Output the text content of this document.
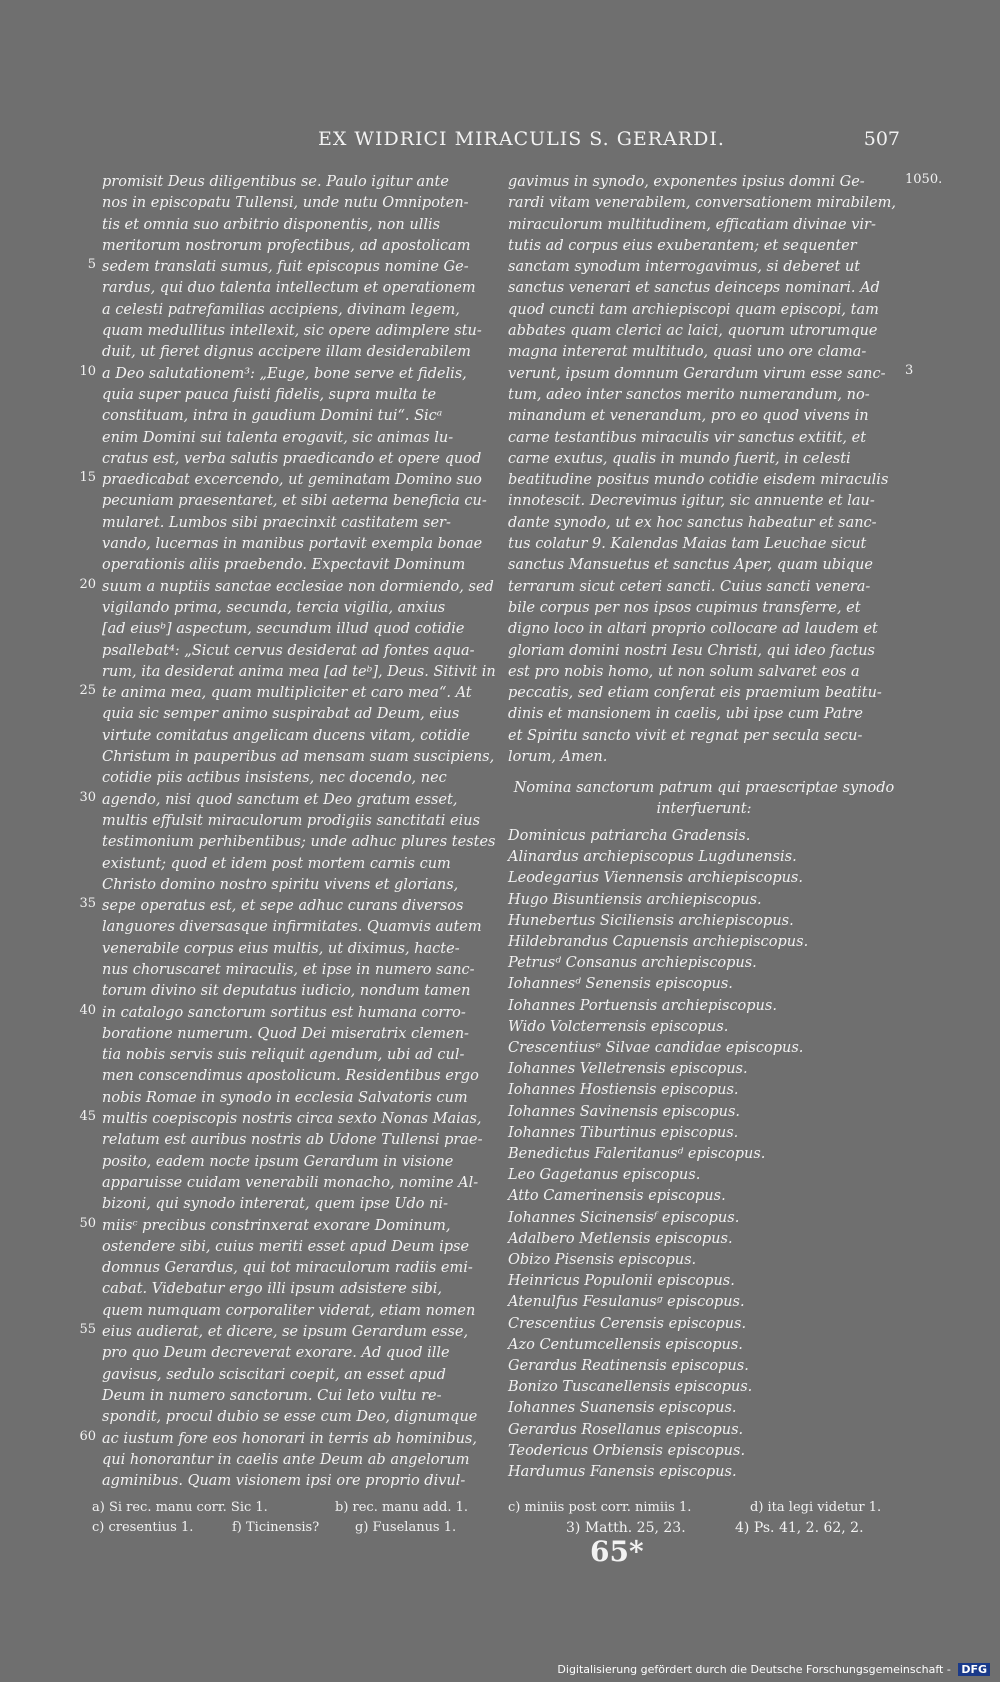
EX WIDRICI MIRACULIS S. GERARDI.	507
promisit Deus diligentibus se. Paulo igitur ante
nos in episcopatu Tullensi, unde nutu Omnipoten-
tis et omnia suo arbitrio disponentis, non ullis
meritorum nostrorum profectibus, ad apostolicam
sedem translati sumus, fuit episcopus nomine Ge-
rardus, qui duo talenta intellectum et operationem
a celesti patrefamilias accipiens, divinam legem,
quam medullitus intellexit, sic opere adimplere stu-
duit, ut fieret dignus accipere illam desiderabilem
a Deo salutationem³: „Euge, bone serve et fidelis,
quia super pauca fuisti fidelis, supra multa te
constituam, intra in gaudium Domini tui“. Sicᵃ
enim Domini sui talenta erogavit, sic animas lu-
cratus est, verba salutis praedicando et opere quod
praedicabat excercendo, ut geminatam Domino suo
pecuniam praesentaret, et sibi aeterna beneficia cu-
mularet. Lumbos sibi praecinxit castitatem ser-
vando, lucernas in manibus portavit exempla bonae
operationis aliis praebendo. Expectavit Dominum
suum a nuptiis sanctae ecclesiae non dormiendo, sed
vigilando prima, secunda, tercia vigilia, anxius
[ad eiusᵇ] aspectum, secundum illud quod cotidie
psallebat⁴: „Sicut cervus desiderat ad fontes aqua-
rum, ita desiderat anima mea [ad teᵇ], Deus. Sitivit in
te anima mea, quam multipliciter et caro mea“. At
quia sic semper animo suspirabat ad Deum, eius
virtute comitatus angelicam ducens vitam, cotidie
Christum in pauperibus ad mensam suam suscipiens,
cotidie piis actibus insistens, nec docendo, nec
agendo, nisi quod sanctum et Deo gratum esset,
multis effulsit miraculorum prodigiis sanctitati eius
testimonium perhibentibus; unde adhuc plures testes
existunt; quod et idem post mortem carnis cum
Christo domino nostro spiritu vivens et glorians,
sepe operatus est, et sepe adhuc curans diversos
languores diversasque infirmitates. Quamvis autem
venerabile corpus eius multis, ut diximus, hacte-
nus choruscaret miraculis, et ipse in numero sanc-
torum divino sit deputatus iudicio, nondum tamen
in catalogo sanctorum sortitus est humana corro-
boratione numerum. Quod Dei miseratrix clemen-
tia nobis servis suis reliquit agendum, ubi ad cul-
men conscendimus apostolicum. Residentibus ergo
nobis Romae in synodo in ecclesia Salvatoris cum
multis coepiscopis nostris circa sexto Nonas Maias,
relatum est auribus nostris ab Udone Tullensi prae-
posito, eadem nocte ipsum Gerardum in visione
apparuisse cuidam venerabili monacho, nomine Al-
bizoni, qui synodo intererat, quem ipse Udo ni-
miisᶜ precibus constrinxerat exorare Dominum,
ostendere sibi, cuius meriti esset apud Deum ipse
domnus Gerardus, qui tot miraculorum radiis emi-
cabat. Videbatur ergo illi ipsum adsistere sibi,
quem numquam corporaliter viderat, etiam nomen
eius audierat, et dicere, se ipsum Gerardum esse,
pro quo Deum decreverat exorare. Ad quod ille
gavisus, sedulo sciscitari coepit, an esset apud
Deum in numero sanctorum. Cui leto vultu re-
spondit, procul dubio se esse cum Deo, dignumque
ac iustum fore eos honorari in terris ab hominibus,
qui honorantur in caelis ante Deum ab angelorum
agminibus. Quam visionem ipsi ore proprio divul-
5
10
15
20
25
30
35
40
45
50
55
60
gavimus in synodo, exponentes ipsius domni Ge-
rardi vitam venerabilem, conversationem mirabilem,
miraculorum multitudinem, efficatiam divinae vir-
tutis ad corpus eius exuberantem; et sequenter
sanctam synodum interrogavimus, si deberet ut
sanctus venerari et sanctus deinceps nominari. Ad
quod cuncti tam archiepiscopi quam episcopi, tam
abbates quam clerici ac laici, quorum utrorumque
magna intererat multitudo, quasi uno ore clama-
verunt, ipsum domnum Gerardum virum esse sanc-
tum, adeo inter sanctos merito numerandum, no-
minandum et venerandum, pro eo quod vivens in
carne testantibus miraculis vir sanctus extitit, et
carne exutus, qualis in mundo fuerit, in celesti
beatitudine positus mundo cotidie eisdem miraculis
innotescit. Decrevimus igitur, sic annuente et lau-
dante synodo, ut ex hoc sanctus habeatur et sanc-
tus colatur 9. Kalendas Maias tam Leuchae sicut
sanctus Mansuetus et sanctus Aper, quam ubique
terrarum sicut ceteri sancti. Cuius sancti venera-
bile corpus per nos ipsos cupimus transferre, et
digno loco in altari proprio collocare ad laudem et
gloriam domini nostri Iesu Christi, qui ideo factus
est pro nobis homo, ut non solum salvaret eos a
peccatis, sed etiam conferat eis praemium beatitu-
dinis et mansionem in caelis, ubi ipse cum Patre
et Spiritu sancto vivit et regnat per secula secu-
lorum, Amen.
1050.
3
Nomina sanctorum patrum qui praescriptae synodo
interfuerunt:
Dominicus patriarcha Gradensis.
Alinardus archiepiscopus Lugdunensis.
Leodegarius Viennensis archiepiscopus.
Hugo Bisuntiensis archiepiscopus.
Hunebertus Siciliensis archiepiscopus.
Hildebrandus Capuensis archiepiscopus.
Petrusᵈ Consanus archiepiscopus.
Iohannesᵈ Senensis episcopus.
Iohannes Portuensis archiepiscopus.
Wido Volcterrensis episcopus.
Crescentiusᵉ Silvae candidae episcopus.
Iohannes Velletrensis episcopus.
Iohannes Hostiensis episcopus.
Iohannes Savinensis episcopus.
Iohannes Tiburtinus episcopus.
Benedictus Faleritanusᵈ episcopus.
Leo Gagetanus episcopus.
Atto Camerinensis episcopus.
Iohannes Sicinensisᶠ episcopus.
Adalbero Metlensis episcopus.
Obizo Pisensis episcopus.
Heinricus Populonii episcopus.
Atenulfus Fesulanusᵍ episcopus.
Crescentius Cerensis episcopus.
Azo Centumcellensis episcopus.
Gerardus Reatinensis episcopus.
Bonizo Tuscanellensis episcopus.
Iohannes Suanensis episcopus.
Gerardus Rosellanus episcopus.
Teodericus Orbiensis episcopus.
Hardumus Fanensis episcopus.
a) Si rec. manu corr. Sic 1.	b) rec. manu add. 1.	c) miniis post corr. nimiis 1.	d) ita legi videtur 1.
c) cresentius 1.	f) Ticinensis?	g) Fuselanus 1.	3) Matth. 25, 23.	4) Ps. 41, 2. 62, 2.
65*
Digitalisierung gefördert durch die Deutsche Forschungsgemeinschaft - DFG
